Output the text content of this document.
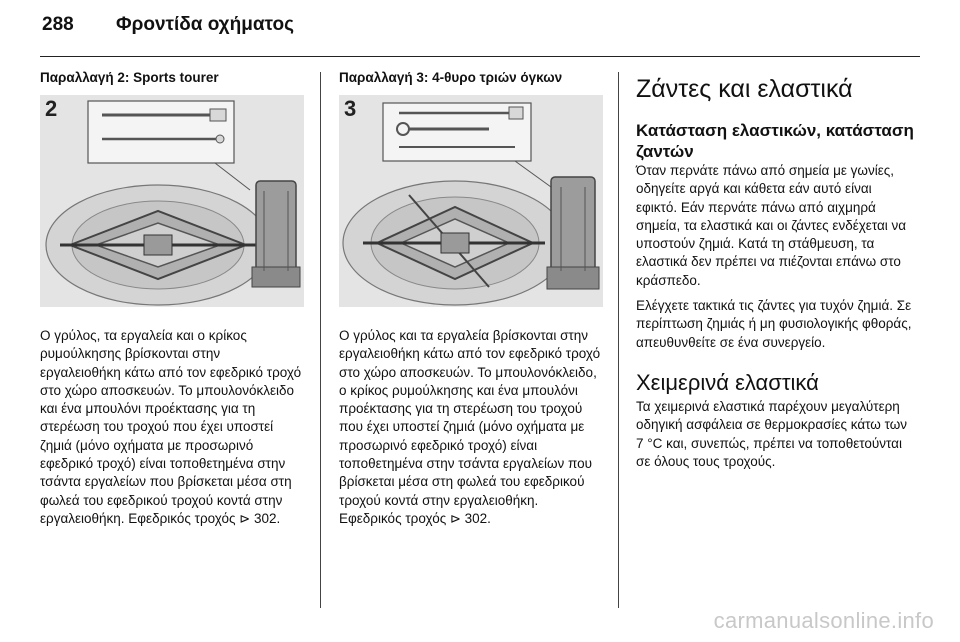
288	Φροντίδα οχήματος
Παραλλαγή 2: Sports tourer
2

Ο γρύλος, τα εργαλεία και ο κρίκος ρυμούλκησης βρίσκονται στην εργαλειοθήκη κάτω από τον εφεδρικό τροχό στο χώρο αποσκευών. Το μπουλονόκλειδο και ένα μπουλόνι προέκτασης για τη στερέωση του τροχού που έχει υποστεί ζημιά (μόνο οχήματα με προσωρινό εφεδρικό τροχό) είναι τοποθετημένα στην τσάντα εργαλείων που βρίσκεται μέσα στη φωλεά του εφεδρικού τροχού κοντά στην εργαλειοθήκη. Εφεδρικός τροχός ⊳ 302.

Παραλλαγή 3: 4-θυρο τριών όγκων
3

Ο γρύλος και τα εργαλεία βρίσκονται στην εργαλειοθήκη κάτω από τον εφεδρικό τροχό στο χώρο αποσκευών. Το μπουλονόκλειδο, ο κρίκος ρυμούλκησης και ένα μπουλόνι προέκτασης για τη στερέωση του τροχού που έχει υποστεί ζημιά (μόνο οχήματα με προσωρινό εφεδρικό τροχό) είναι τοποθετημένα στην τσάντα εργαλείων που βρίσκεται μέσα στη φωλεά του εφεδρικού τροχού κοντά στην εργαλειοθήκη. Εφεδρικός τροχός ⊳ 302.

Ζάντες και ελαστικά
Κατάσταση ελαστικών, κατάσταση ζαντών

Όταν περνάτε πάνω από σημεία με γωνίες, οδηγείτε αργά και κάθετα εάν αυτό είναι εφικτό. Εάν περνάτε πάνω από αιχμηρά σημεία, τα ελαστικά και οι ζάντες ενδέχεται να υποστούν ζημιά. Κατά τη στάθμευση, τα ελαστικά δεν πρέπει να πιέζονται επάνω στο κράσπεδο.

Ελέγχετε τακτικά τις ζάντες για τυχόν ζημιά. Σε περίπτωση ζημιάς ή μη φυσιολογικής φθοράς, απευθυνθείτε σε ένα συνεργείο.

Χειμερινά ελαστικά

Τα χειμερινά ελαστικά παρέχουν μεγαλύτερη οδηγική ασφάλεια σε θερμοκρασίες κάτω των 7 °C και, συνεπώς, πρέπει να τοποθετούνται σε όλους τους τροχούς.

carmanualsonline.info
